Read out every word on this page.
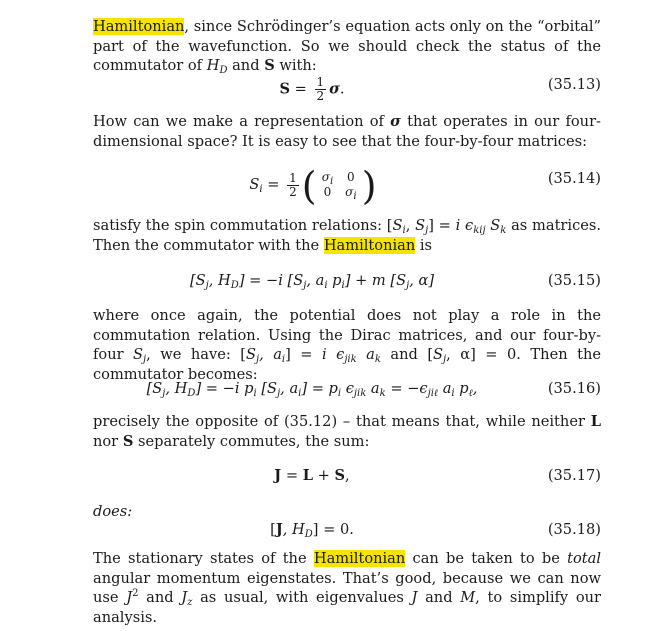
Hamiltonian, since Schrödinger’s equation acts only on the “orbital” part of the wavefunction. So we should check the status of the commutator of $H_D$ and S with:

$S = \frac{1}{2} \sigma$.	(35.13)

How can we make a representation of σ that operates in our four-dimensional space? It is easy to see that the four-by-four matrices:

$S_i = \frac{1}{2}$ ( $\sigma_i$	0
0	$\sigma_i$ )	(35.14)

satisfy the spin commutation relations: [$S_i$, $S_j] = i$ $\epsilon_{kij}$ $S_k$ as matrices. Then the commutator with the Hamiltonian is

[$S_j$, $H_D] = -i$ [$S_j$, $a_i$ $p_i] + m$ [$S_j$, α]	(35.15)

where once again, the potential does not play a role in the commutation relation. Using the Dirac matrices, and our four-by-four $S_j$, we have: [$S_j$, $a_i] = i$ $\epsilon_{jik}$ $a_k$ and [$S_j$, α] = 0. Then the commutator becomes:

[$S_j$, $H_D] = -i$ $p_i$ [$S_j$, $a_i] = p_i$ $\epsilon_{jik}$ $a_k = -\epsilon_{ji\ell}$ $a_i$ $p_\ell$,	(35.16)

precisely the opposite of (35.12) – that means that, while neither L nor S separately commutes, the sum:

J = L + S,	(35.17)

does:

[J, $H_D] = 0$.	(35.18)

The stationary states of the Hamiltonian can be taken to be total angular momentum eigenstates. That’s good, because we can now use $J^2$ and $J_z$ as usual, with eigenvalues J and M, to simplify our analysis.
